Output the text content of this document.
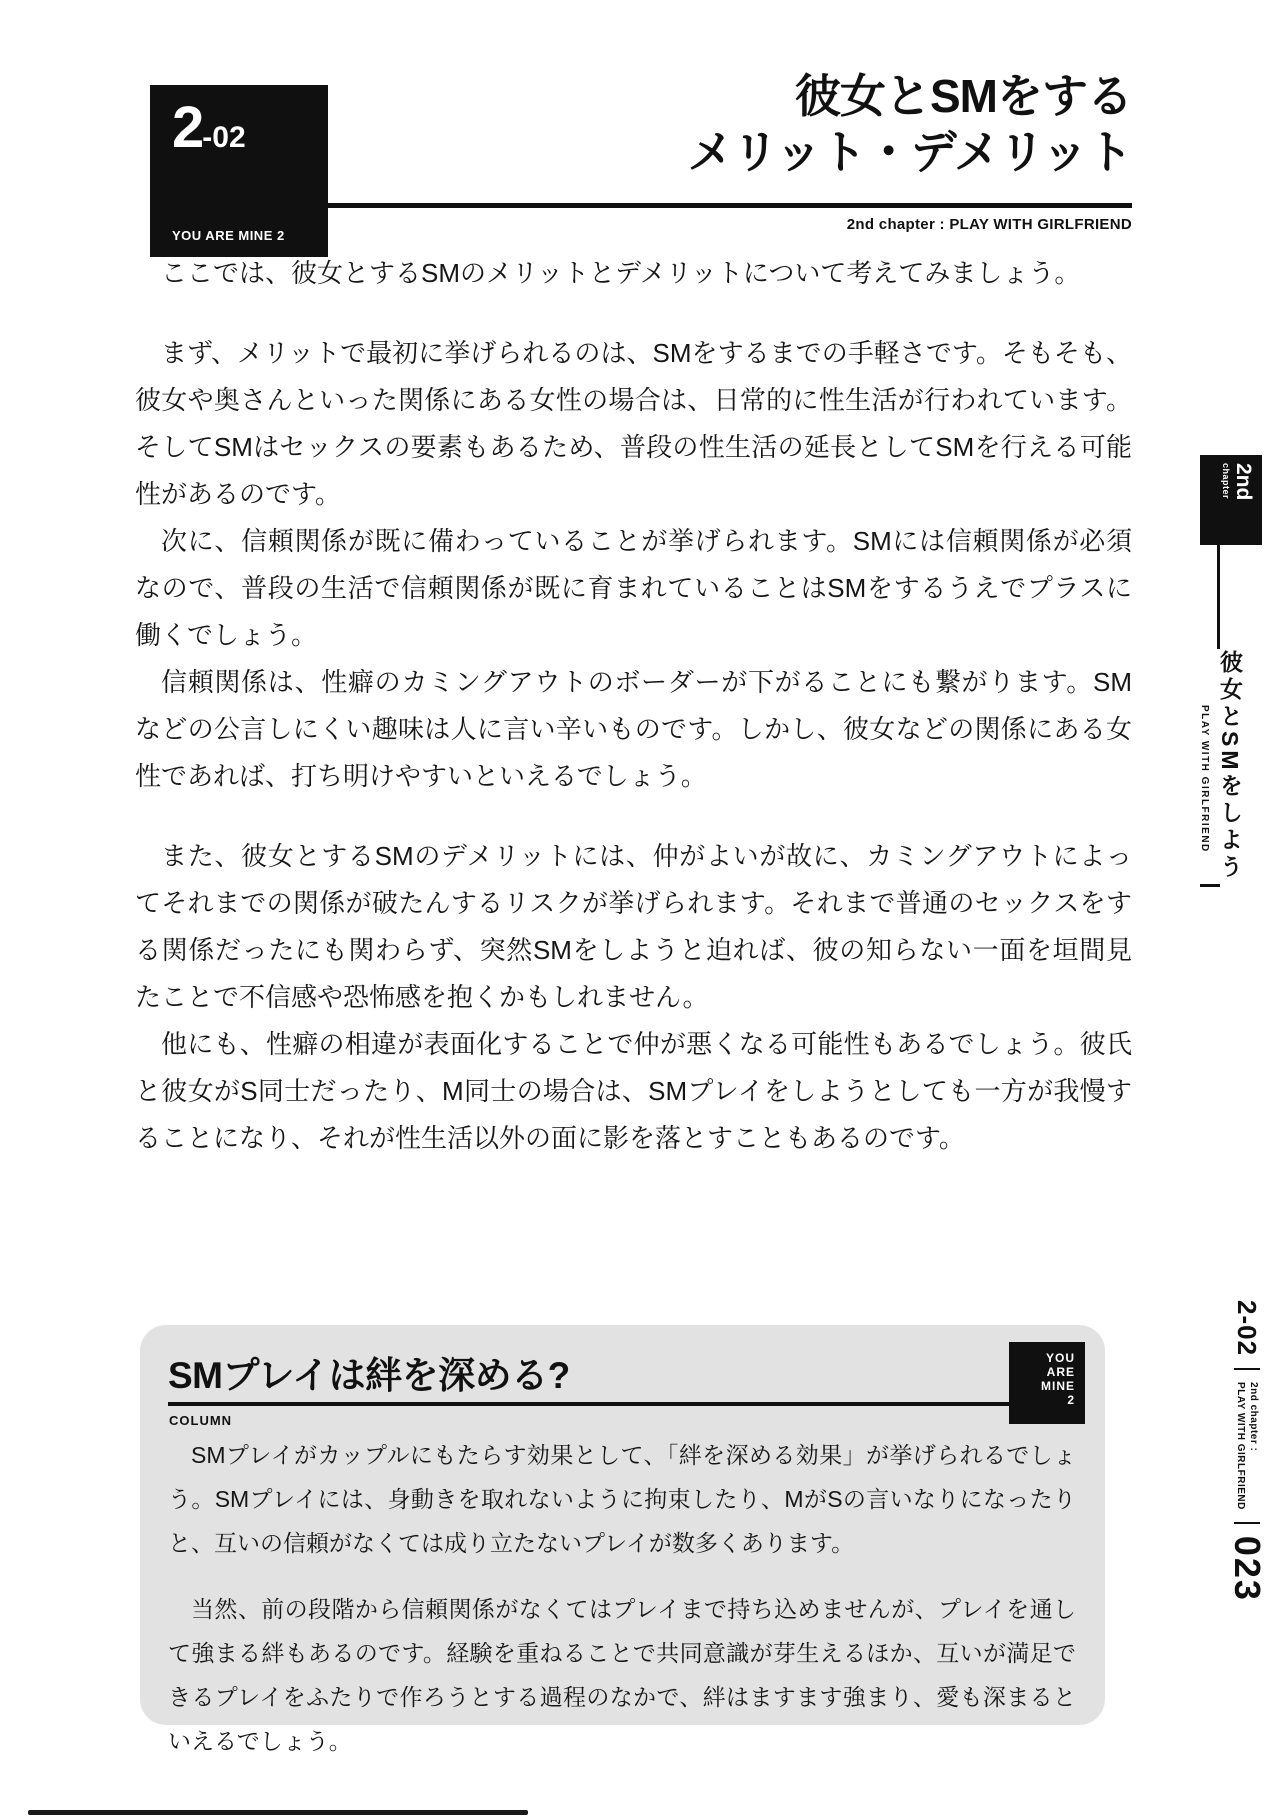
2-02
YOU ARE MINE 2
彼女とSMをする
メリット・デメリット
2nd chapter : PLAY WITH GIRLFRIEND

ここでは、彼女とするSMのメリットとデメリットについて考えてみましょう。

まず、メリットで最初に挙げられるのは、SMをするまでの手軽さです。そもそも、彼女や奥さんといった関係にある女性の場合は、日常的に性生活が行われています。そしてSMはセックスの要素もあるため、普段の性生活の延長としてSMを行える可能性があるのです。

次に、信頼関係が既に備わっていることが挙げられます。SMには信頼関係が必須なので、普段の生活で信頼関係が既に育まれていることはSMをするうえでプラスに働くでしょう。

信頼関係は、性癖のカミングアウトのボーダーが下がることにも繋がります。SMなどの公言しにくい趣味は人に言い辛いものです。しかし、彼女などの関係にある女性であれば、打ち明けやすいといえるでしょう。

また、彼女とするSMのデメリットには、仲がよいが故に、カミングアウトによってそれまでの関係が破たんするリスクが挙げられます。それまで普通のセックスをする関係だったにも関わらず、突然SMをしようと迫れば、彼の知らない一面を垣間見たことで不信感や恐怖感を抱くかもしれません。

他にも、性癖の相違が表面化することで仲が悪くなる可能性もあるでしょう。彼氏と彼女がS同士だったり、M同士の場合は、SMプレイをしようとしても一方が我慢することになり、それが性生活以外の面に影を落とすこともあるのです。

SMプレイは絆を深める?
COLUMN
YOU
ARE
MINE
2

SMプレイがカップルにもたらす効果として、「絆を深める効果」が挙げられるでしょう。SMプレイには、身動きを取れないように拘束したり、MがSの言いなりになったりと、互いの信頼がなくては成り立たないプレイが数多くあります。

当然、前の段階から信頼関係がなくてはプレイまで持ち込めませんが、プレイを通して強まる絆もあるのです。経験を重ねることで共同意識が芽生えるほか、互いが満足できるプレイをふたりで作ろうとする過程のなかで、絆はますます強まり、愛も深まるといえるでしょう。

2nd
chapter
彼女とSMをしよう
PLAY WITH GIRLFRIEND
2-02
2nd chapter :
PLAY WITH GIRLFRIEND
023
